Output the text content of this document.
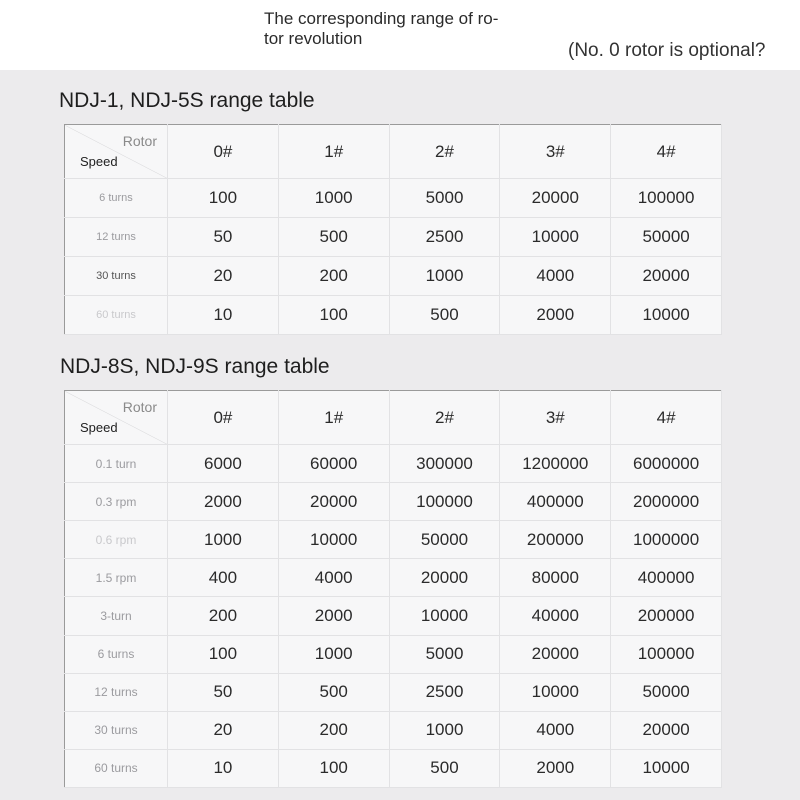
The corresponding range of ro-
tor revolution
(No. 0 rotor is optional?
NDJ-1, NDJ-5S range table
Rotor
Speed	0#	1#	2#	3#	4#
6 turns	100	1000	5000	20000	100000
12 turns	50	500	2500	10000	50000
30 turns	20	200	1000	4000	20000
60 turns	10	100	500	2000	10000
NDJ-8S, NDJ-9S range table
Rotor
Speed	0#	1#	2#	3#	4#
0.1 turn	6000	60000	300000	1200000	6000000
0.3 rpm	2000	20000	100000	400000	2000000
0.6 rpm	1000	10000	50000	200000	1000000
1.5 rpm	400	4000	20000	80000	400000
3-turn	200	2000	10000	40000	200000
6 turns	100	1000	5000	20000	100000
12 turns	50	500	2500	10000	50000
30 turns	20	200	1000	4000	20000
60 turns	10	100	500	2000	10000
